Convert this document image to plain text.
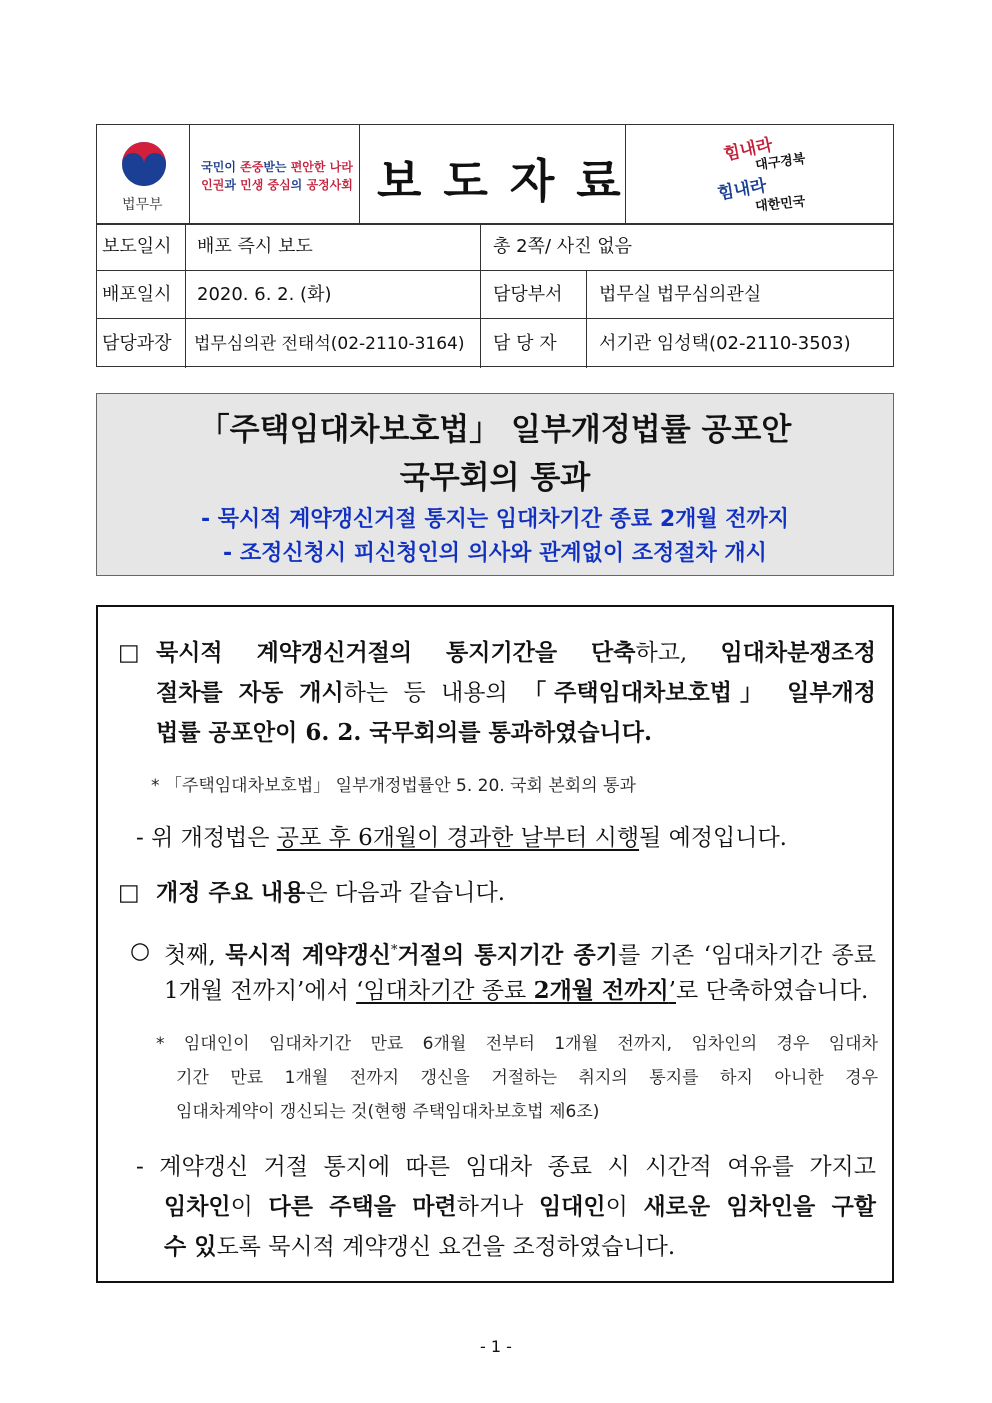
법무부
국민이 존중받는 편안한 나라
인권과 민생 중심의 공정사회 보도자료
힘내라
대구경북
힘내라
대한민국
보도일시 배포 즉시 보도	총 2쪽/ 사진 없음
배포일시 2020. 6. 2. (화)	담당부서 법무실 법무심의관실
담당과장 법무심의관 전태석(02-2110-3164) 담 당 자 서기관 임성택(02-2110-3503)
「주택임대차보호법」 일부개정법률 공포안
국무회의 통과
- 묵시적 계약갱신거절 통지는 임대차기간 종료 2개월 전까지
- 조정신청시 피신청인의 의사와 관계없이 조정절차 개시
□ 묵시적 계약갱신거절의 통지기간을 단축하고, 임대차분쟁조정
절차를 자동 개시하는 등 내용의 「주택임대차보호법」 일부개정
법률 공포안이 6. 2. 국무회의를 통과하였습니다.
* 「주택임대차보호법」 일부개정법률안 5. 20. 국회 본회의 통과
- 위 개정법은 공포 후 6개월이 경과한 날부터 시행될 예정입니다.
□ 개정 주요 내용은 다음과 같습니다.
○ 첫째, 묵시적 계약갱신*거절의 통지기간 종기를 기존 ‘임대차기간 종료
1개월 전까지’에서 ‘임대차기간 종료 2개월 전까지’로 단축하였습니다.
* 임대인이 임대차기간 만료 6개월 전부터 1개월 전까지, 임차인의 경우 임대차
기간 만료 1개월 전까지 갱신을 거절하는 취지의 통지를 하지 아니한 경우
임대차계약이 갱신되는 것(현행 주택임대차보호법 제6조)
- 계약갱신 거절 통지에 따른 임대차 종료 시 시간적 여유를 가지고
임차인이 다른 주택을 마련하거나 임대인이 새로운 임차인을 구할
수 있도록 묵시적 계약갱신 요건을 조정하였습니다.
- 1 -
